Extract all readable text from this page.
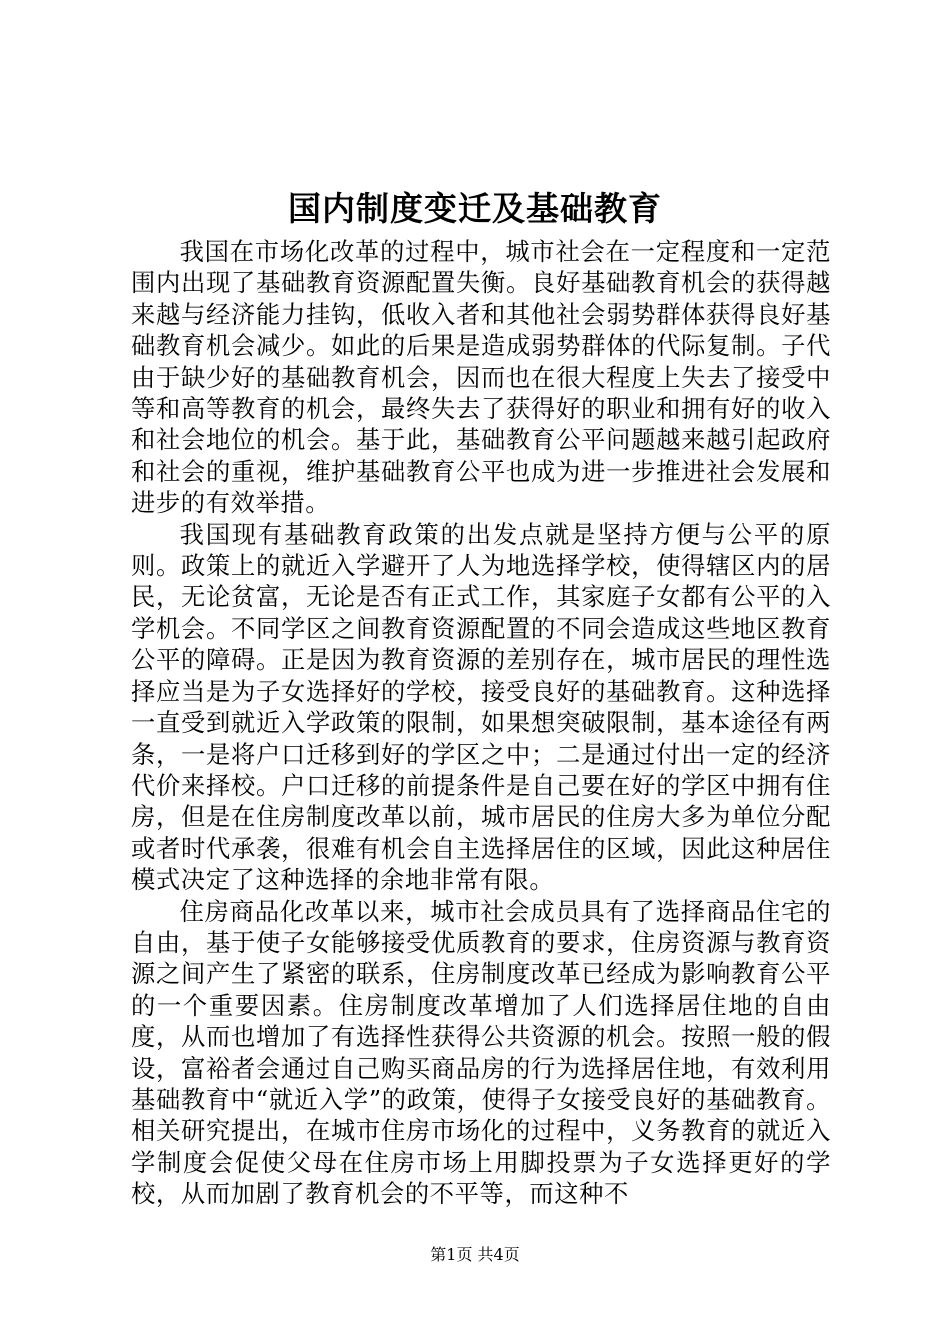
国内制度变迁及基础教育

我国在市场化改革的过程中，城市社会在一定程度和一定范围内出现了基础教育资源配置失衡。良好基础教育机会的获得越来越与经济能力挂钩，低收入者和其他社会弱势群体获得良好基础教育机会减少。如此的后果是造成弱势群体的代际复制。子代由于缺少好的基础教育机会，因而也在很大程度上失去了接受中等和高等教育的机会，最终失去了获得好的职业和拥有好的收入和社会地位的机会。基于此，基础教育公平问题越来越引起政府和社会的重视，维护基础教育公平也成为进一步推进社会发展和进步的有效举措。

我国现有基础教育政策的出发点就是坚持方便与公平的原则。政策上的就近入学避开了人为地选择学校，使得辖区内的居民，无论贫富，无论是否有正式工作，其家庭子女都有公平的入学机会。不同学区之间教育资源配置的不同会造成这些地区教育公平的障碍。正是因为教育资源的差别存在，城市居民的理性选择应当是为子女选择好的学校，接受良好的基础教育。这种选择一直受到就近入学政策的限制，如果想突破限制，基本途径有两条，一是将户口迁移到好的学区之中；二是通过付出一定的经济代价来择校。户口迁移的前提条件是自己要在好的学区中拥有住房，但是在住房制度改革以前，城市居民的住房大多为单位分配或者时代承袭，很难有机会自主选择居住的区域，因此这种居住模式决定了这种选择的余地非常有限。

住房商品化改革以来，城市社会成员具有了选择商品住宅的自由，基于使子女能够接受优质教育的要求，住房资源与教育资源之间产生了紧密的联系，住房制度改革已经成为影响教育公平的一个重要因素。住房制度改革增加了人们选择居住地的自由度，从而也增加了有选择性获得公共资源的机会。按照一般的假设，富裕者会通过自己购买商品房的行为选择居住地，有效利用基础教育中“就近入学”的政策，使得子女接受良好的基础教育。相关研究提出，在城市住房市场化的过程中，义务教育的就近入学制度会促使父母在住房市场上用脚投票为子女选择更好的学校，从而加剧了教育机会的不平等，而这种不

第1页 共4页
